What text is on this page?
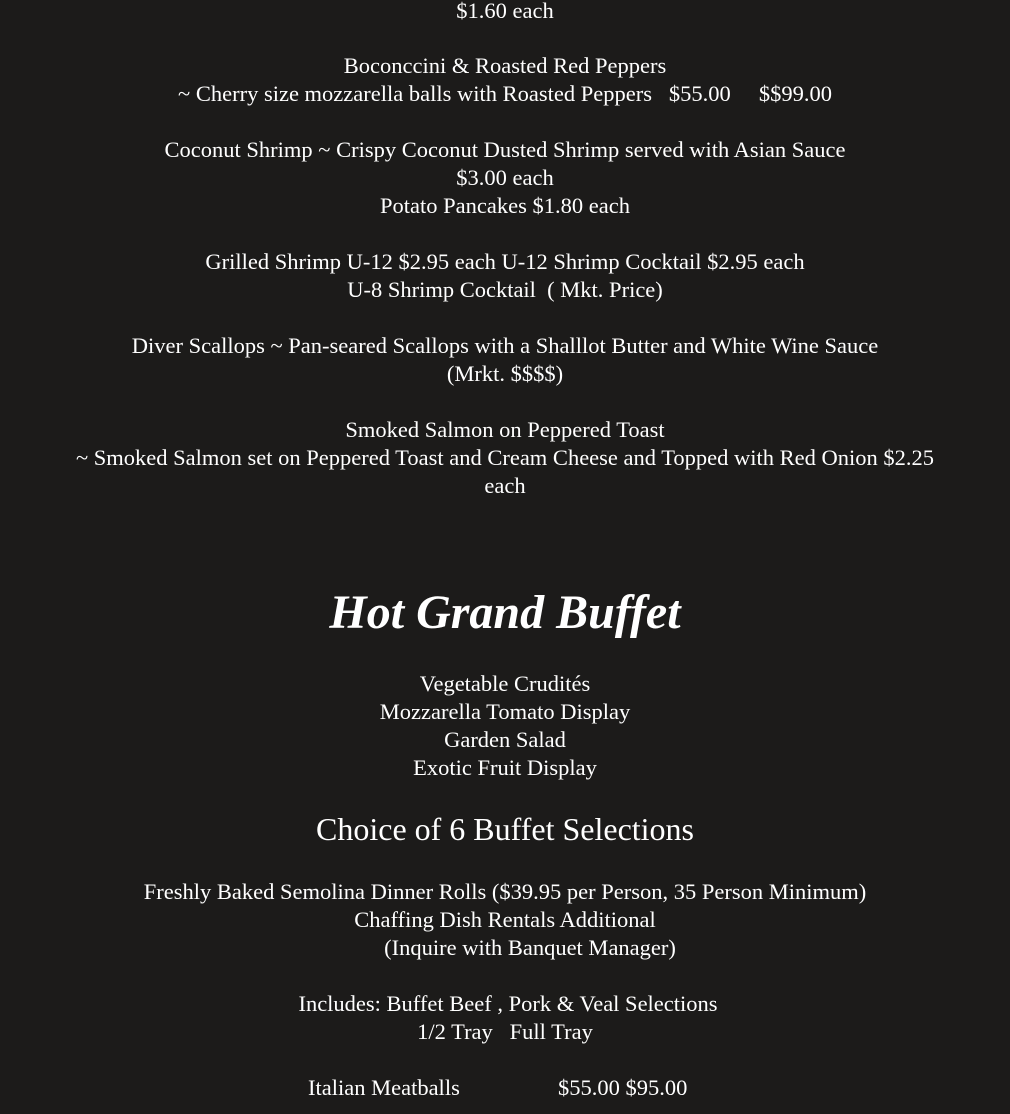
$1.60 each
Boconccini & Roasted Red Peppers
~ Cherry size mozzarella balls with Roasted Peppers   $55.00     $$99.00
Coconut Shrimp ~ Crispy Coconut Dusted Shrimp served with Asian Sauce
$3.00 each
Potato Pancakes $1.80 each
Grilled Shrimp U-12 $2.95 each U-12 Shrimp Cocktail $2.95 each
U-8 Shrimp Cocktail  ( Mkt. Price)
Diver Scallops ~ Pan-seared Scallops with a Shalllot Butter and White Wine Sauce
(Mrkt. $$$$)
Smoked Salmon on Peppered Toast
~ Smoked Salmon set on Peppered Toast and Cream Cheese and Topped with Red Onion $2.25
each
Hot Grand Buffet
Vegetable Crudités
Mozzarella Tomato Display
Garden Salad
Exotic Fruit Display
Choice of 6 Buffet Selections
Freshly Baked Semolina Dinner Rolls ($39.95 per Person, 35 Person Minimum)
Chaffing Dish Rentals Additional
(Inquire with Banquet Manager)
Includes: Buffet Beef , Pork & Veal Selections
1/2 Tray   Full Tray
Italian Meatballs	$55.00 $95.00
